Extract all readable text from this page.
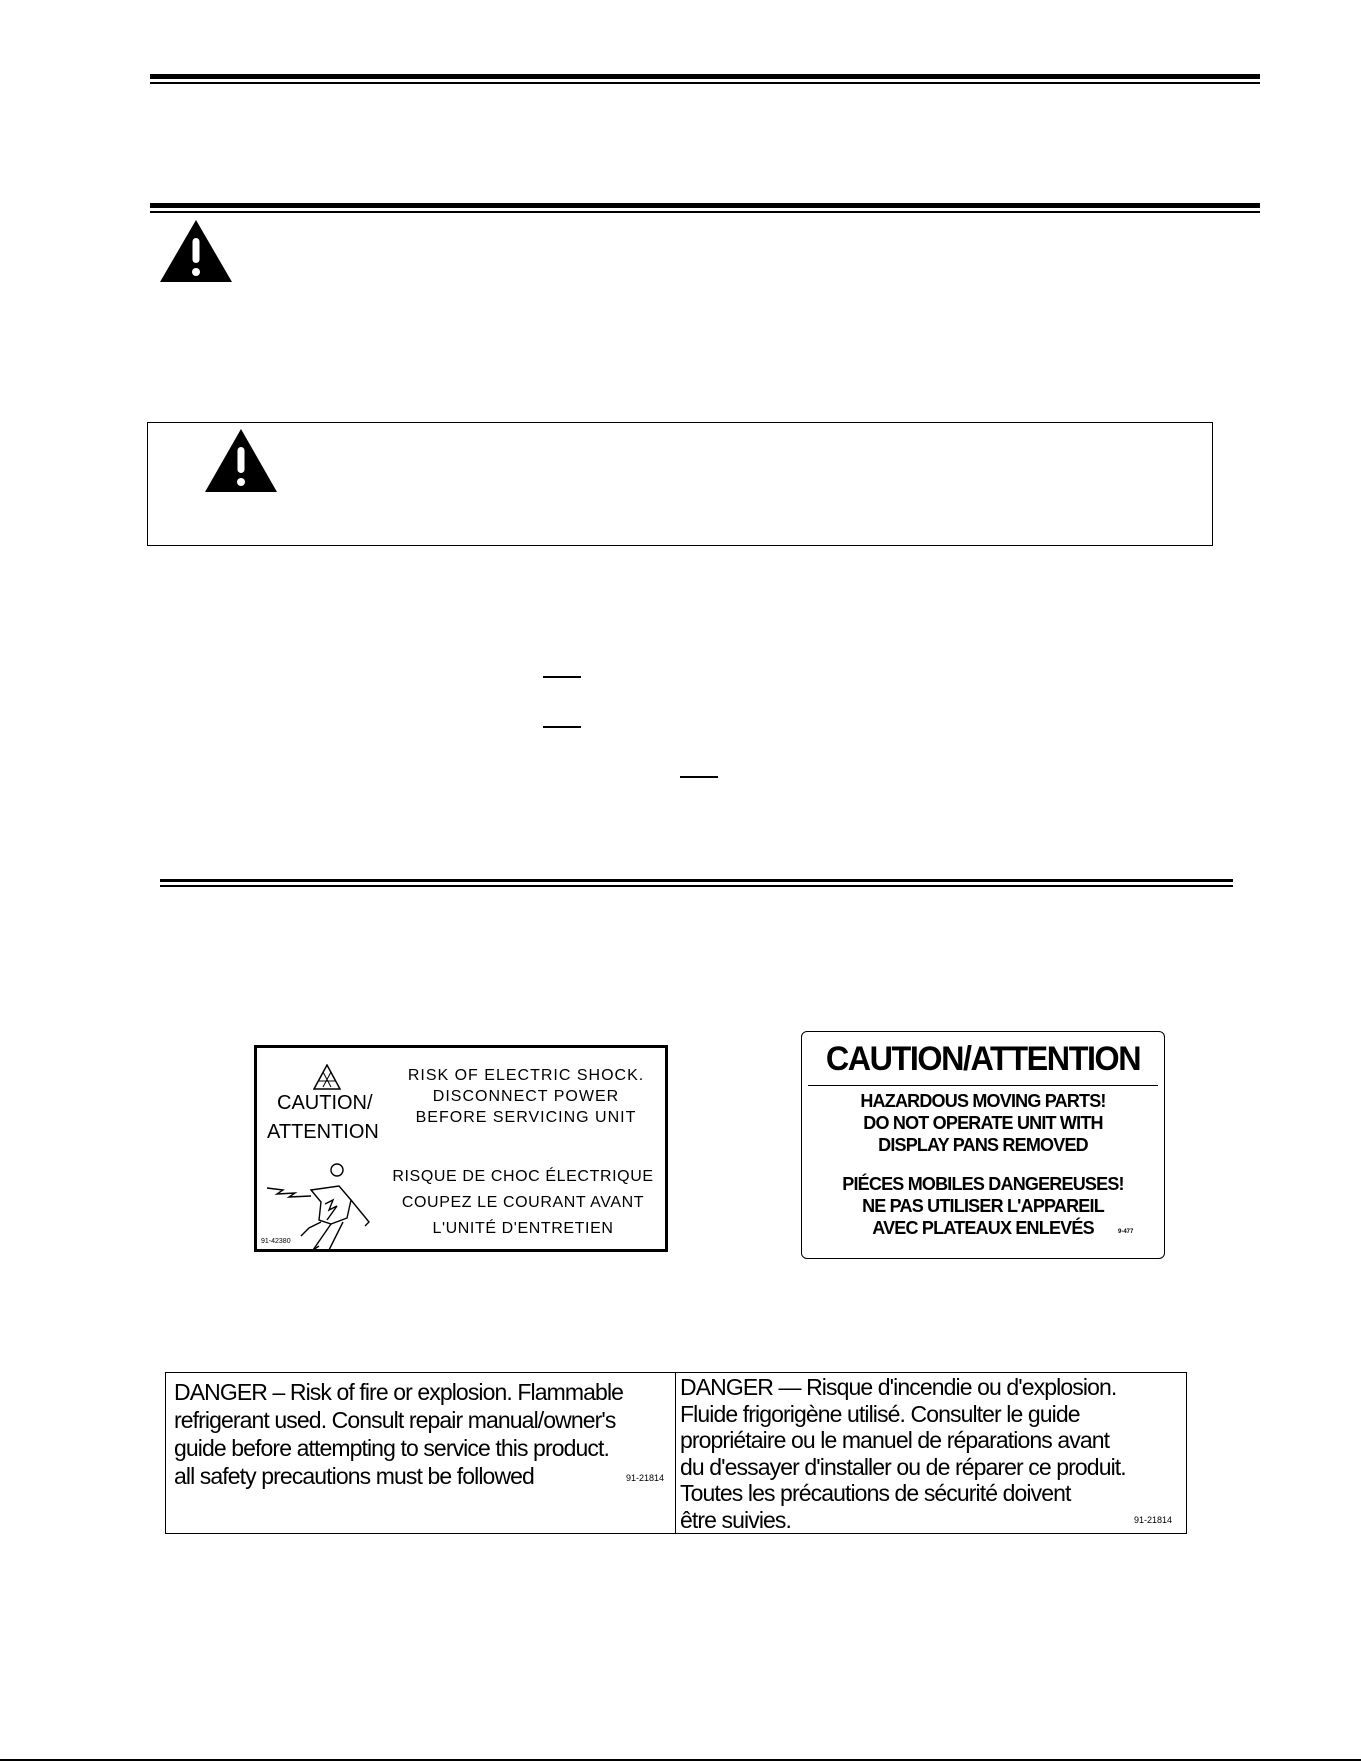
CAUTION/
ATTENTION
RISK OF ELECTRIC SHOCK.
DISCONNECT POWER
BEFORE SERVICING UNIT
RISQUE DE CHOC ÉLECTRIQUE
COUPEZ LE COURANT AVANT
L'UNITÉ D'ENTRETIEN
91-42380
CAUTION/ATTENTION
HAZARDOUS MOVING PARTS!
DO NOT OPERATE UNIT WITH
DISPLAY PANS REMOVED
PIÉCES MOBILES DANGEREUSES!
NE PAS UTILISER L'APPAREIL
AVEC PLATEAUX ENLEVÉS	9-477
DANGER – Risk of fire or explosion. Flammable
refrigerant used. Consult repair manual/owner's
guide before attempting to service this product.
all safety precautions must be followed	91-21814
DANGER — Risque d'incendie ou d'explosion.
Fluide frigorigène utilisé. Consulter le guide
propriétaire ou le manuel de réparations avant
du d'essayer d'installer ou de réparer ce produit.
Toutes les précautions de sécurité doivent
être suivies.	91-21814
